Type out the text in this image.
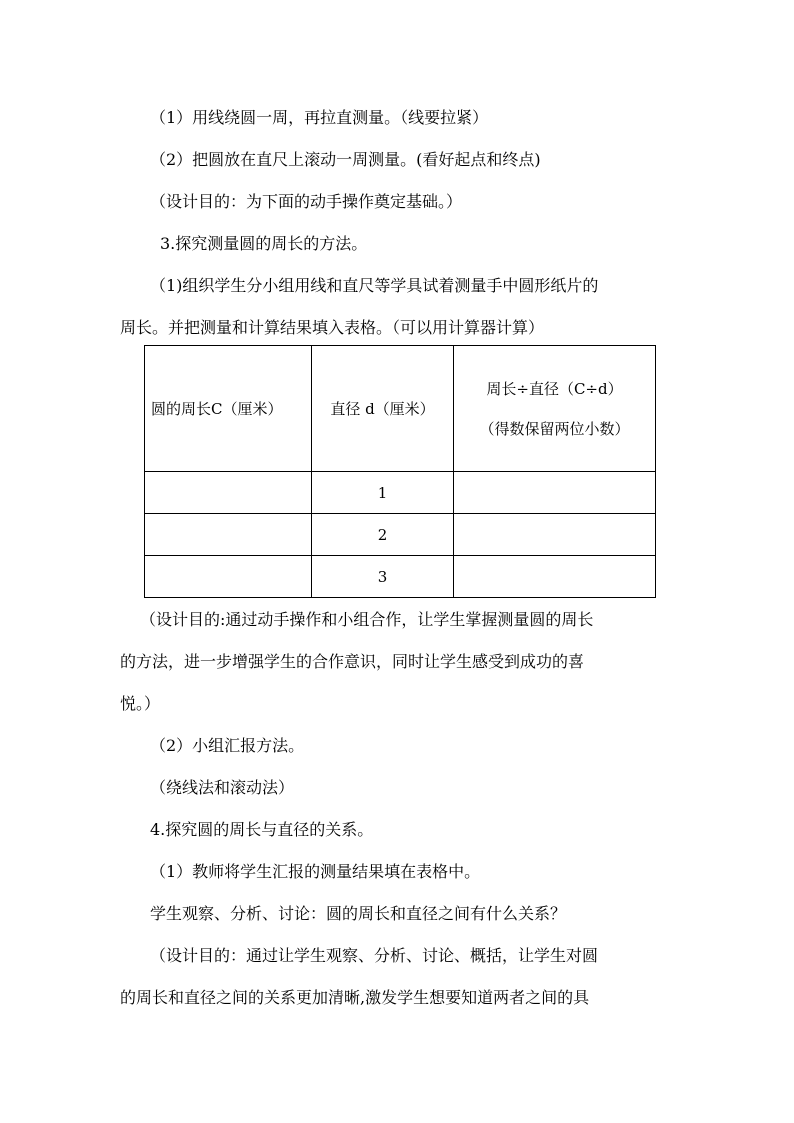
（1）用线绕圆一周，再拉直测量。（线要拉紧）
（2）把圆放在直尺上滚动一周测量。(看好起点和终点)
（设计目的：为下面的动手操作奠定基础。）
3.探究测量圆的周长的方法。
（1)组织学生分小组用线和直尺等学具试着测量手中圆形纸片的
周长。并把测量和计算结果填入表格。（可以用计算器计算）
圆的周长C（厘米）	直径 d（厘米）	周长÷直径（C÷d）
（得数保留两位小数）

	1	
	2	
	3	
（设计目的:通过动手操作和小组合作，让学生掌握测量圆的周长
的方法，进一步增强学生的合作意识，同时让学生感受到成功的喜
悦。）
（2）小组汇报方法。
（绕线法和滚动法）
4.探究圆的周长与直径的关系。
（1）教师将学生汇报的测量结果填在表格中。
学生观察、分析、讨论：圆的周长和直径之间有什么关系？
（设计目的：通过让学生观察、分析、讨论、概括，让学生对圆
的周长和直径之间的关系更加清晰,激发学生想要知道两者之间的具
